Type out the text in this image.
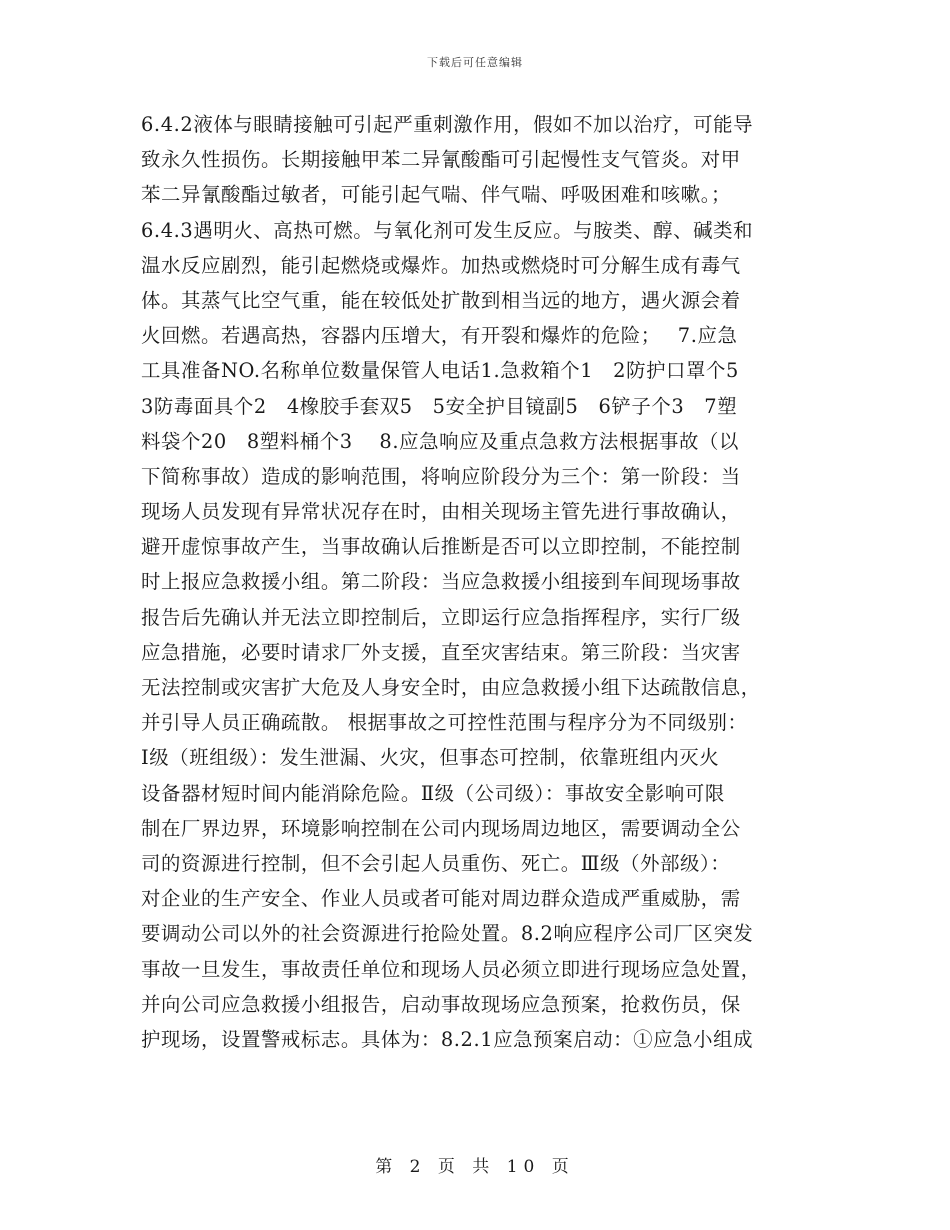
下载后可任意编辑
6.4.2液体与眼睛接触可引起严重刺激作用，假如不加以治疗，可能导
致永久性损伤。长期接触甲苯二异氰酸酯可引起慢性支气管炎。对甲
苯二异氰酸酯过敏者，可能引起气喘、伴气喘、呼吸困难和咳嗽。；
6.4.3遇明火、高热可燃。与氧化剂可发生反应。与胺类、醇、碱类和
温水反应剧烈，能引起燃烧或爆炸。加热或燃烧时可分解生成有毒气
体。其蒸气比空气重，能在较低处扩散到相当远的地方，遇火源会着
火回燃。若遇高热，容器内压增大，有开裂和爆炸的危险；　 7.应急
工具准备NO.名称单位数量保管人电话1.急救箱个1　2防护口罩个5
3防毒面具个2　4橡胶手套双5　5安全护目镜副5　6铲子个3　7塑
料袋个20　8塑料桶个3　 8.应急响应及重点急救方法根据事故（以
下简称事故）造成的影响范围，将响应阶段分为三个：第一阶段：当
现场人员发现有异常状况存在时，由相关现场主管先进行事故确认，
避开虚惊事故产生，当事故确认后推断是否可以立即控制，不能控制
时上报应急救援小组。第二阶段：当应急救援小组接到车间现场事故
报告后先确认并无法立即控制后，立即运行应急指挥程序，实行厂级
应急措施，必要时请求厂外支援，直至灾害结束。第三阶段：当灾害
无法控制或灾害扩大危及人身安全时，由应急救援小组下达疏散信息，
并引导人员正确疏散。 根据事故之可控性范围与程序分为不同级别：
Ⅰ级（班组级）：发生泄漏、火灾，但事态可控制，依靠班组内灭火
设备器材短时间内能消除危险。Ⅱ级（公司级）：事故安全影响可限
制在厂界边界，环境影响控制在公司内现场周边地区，需要调动全公
司的资源进行控制，但不会引起人员重伤、死亡。Ⅲ级（外部级）：
对企业的生产安全、作业人员或者可能对周边群众造成严重威胁，需
要调动公司以外的社会资源进行抢险处置。8.2响应程序公司厂区突发
事故一旦发生，事故责任单位和现场人员必须立即进行现场应急处置，
并向公司应急救援小组报告，启动事故现场应急预案，抢救伤员，保
护现场，设置警戒标志。具体为：8.2.1应急预案启动：①应急小组成
第 2 页 共 10 页
